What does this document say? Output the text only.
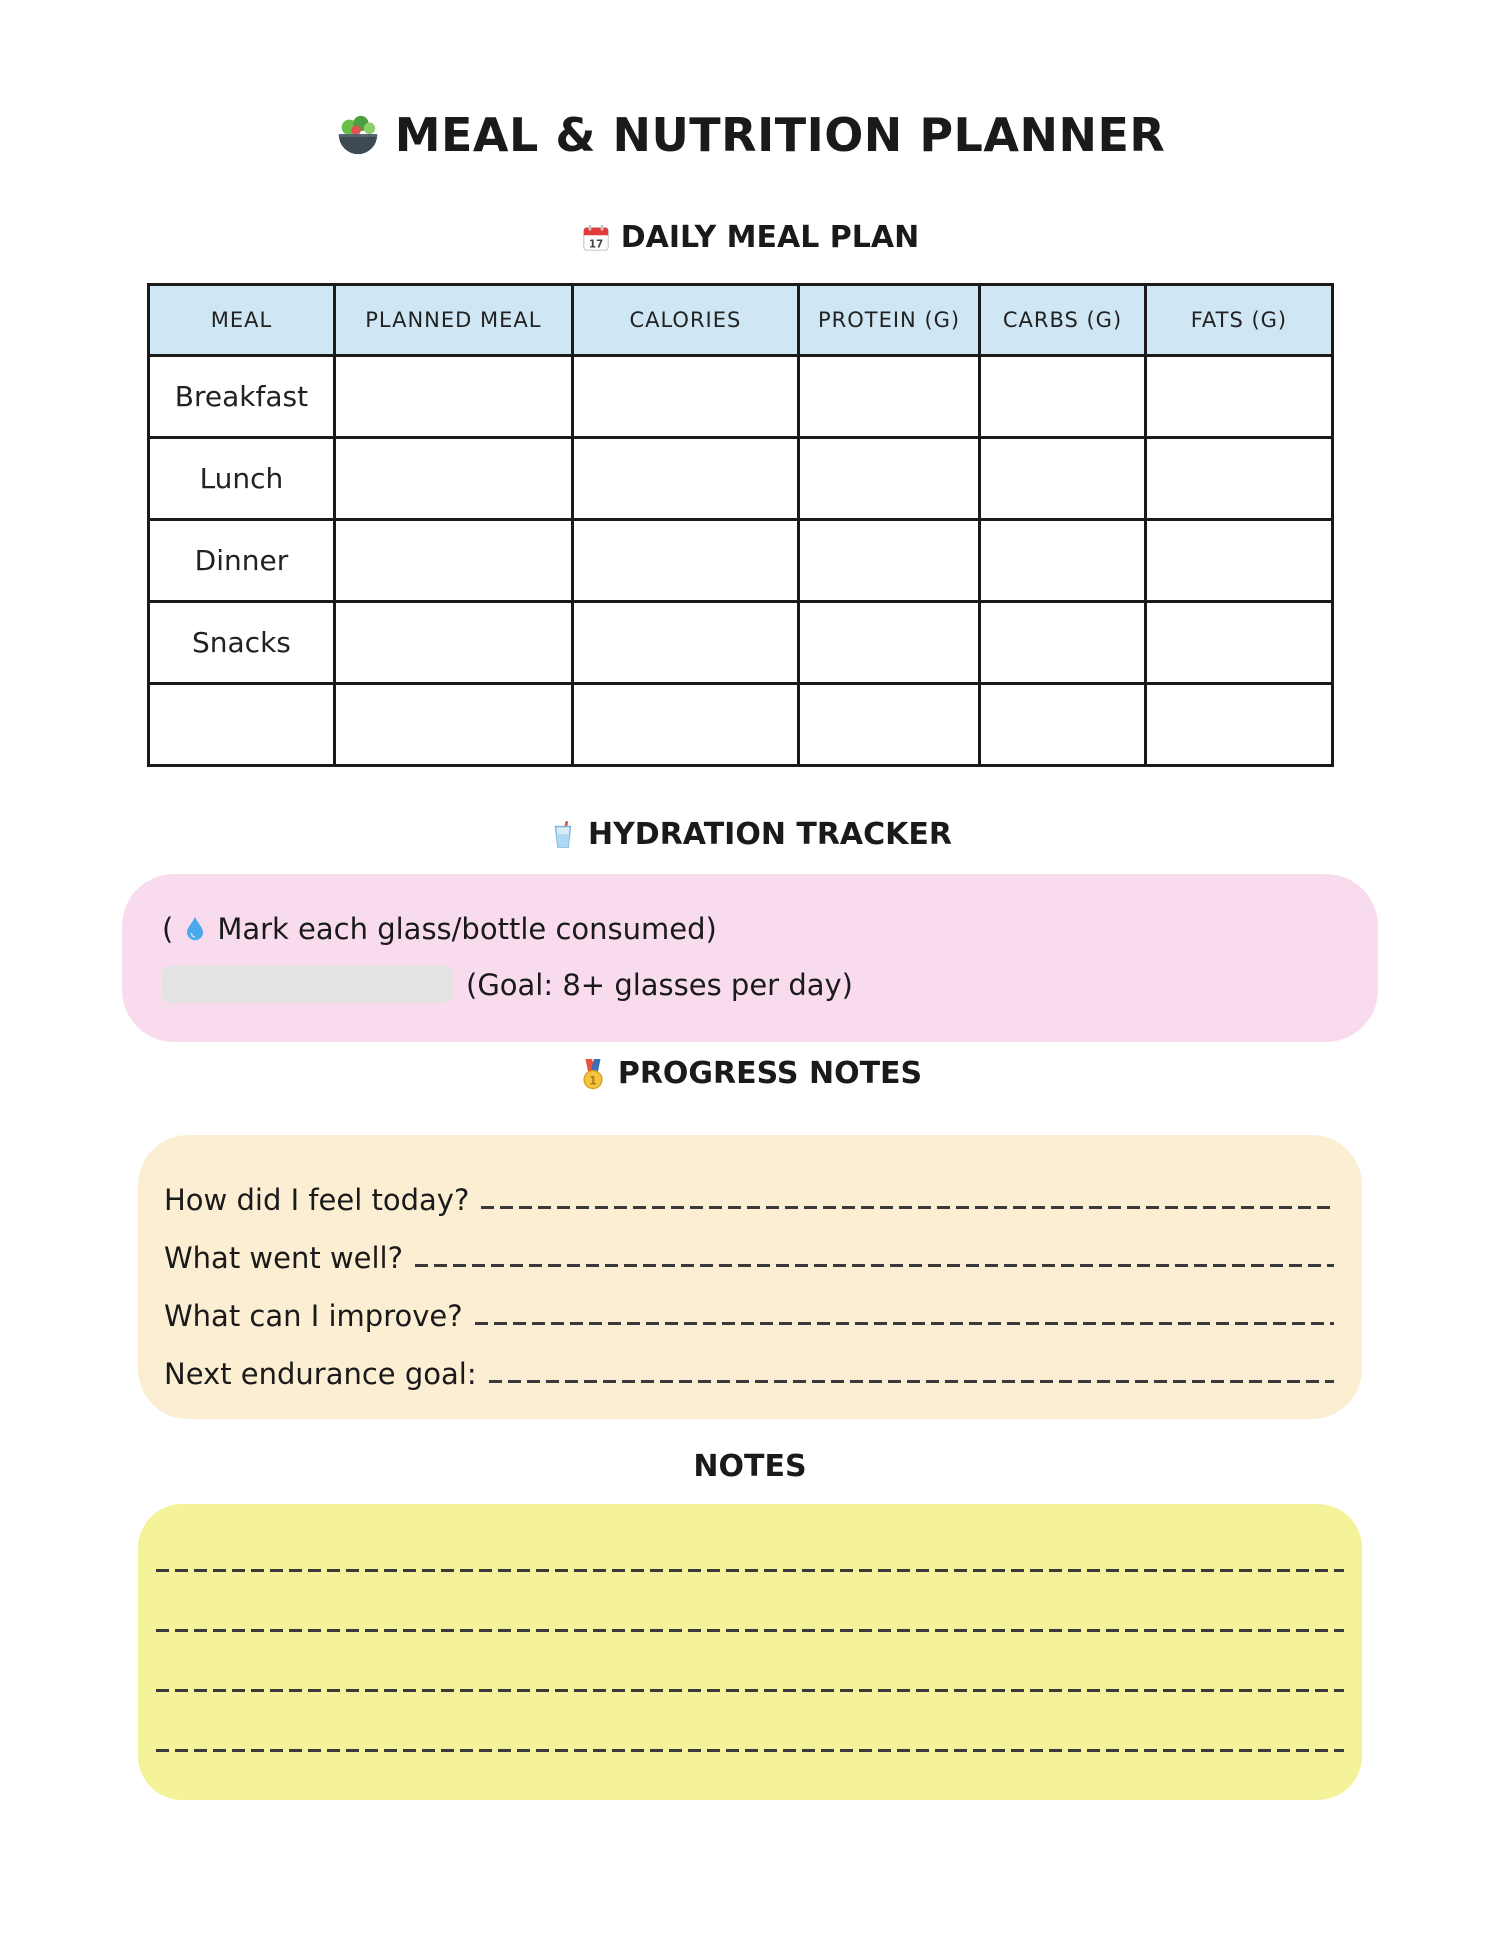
MEAL & NUTRITION PLANNER
17 DAILY MEAL PLAN
MEAL	PLANNED MEAL	CALORIES	PROTEIN (G)	CARBS (G)	FATS (G)
Breakfast					
Lunch					
Dinner					
Snacks					

HYDRATION TRACKER
( Mark each glass/bottle consumed)
(Goal: 8+ glasses per day)
1 PROGRESS NOTES
How did I feel today?
What went well?
What can I improve?
Next endurance goal:
NOTES
